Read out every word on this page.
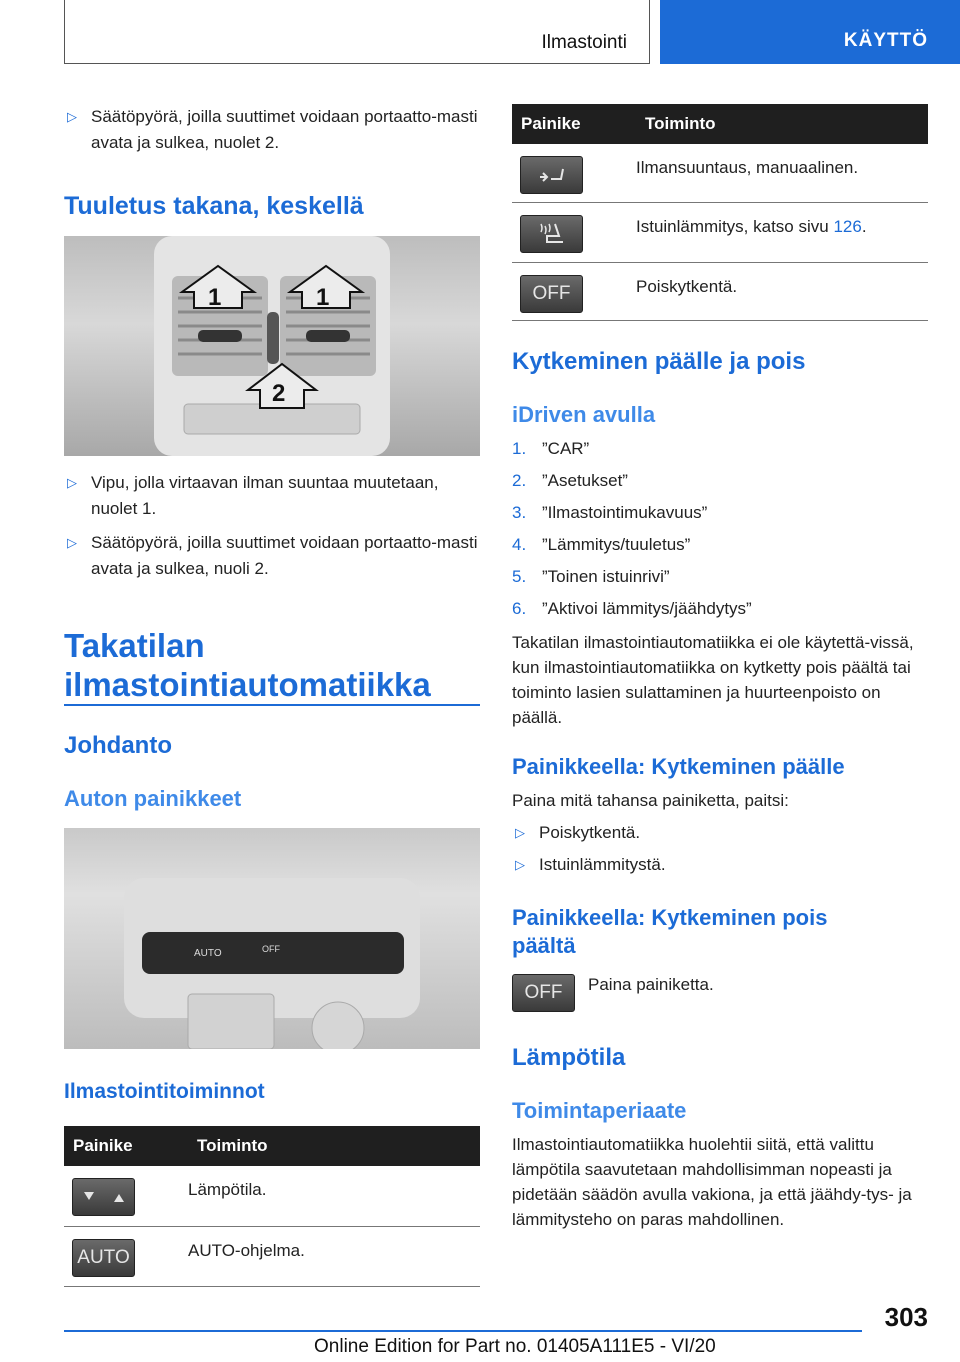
Ilmastointi	KÄYTTÖ
▷ Säätöpyörä, joilla suuttimet voidaan portaatto-masti avata ja sulkea, nuolet 2.
Tuuletus takana, keskellä
1	1
2
▷ Vipu, jolla virtaavan ilman suuntaa muutetaan, nuolet 1.
▷ Säätöpyörä, joilla suuttimet voidaan portaatto-masti avata ja sulkea, nuoli 2.
Takatilan
ilmastointiautomatiikka
Johdanto
Auton painikkeet
AUTO	OFF
Ilmastointitoiminnot
Painike	Toiminto

	Lämpötila.

AUTO	AUTO-ohjelma.
Painike	Toiminto

	Ilmansuuntaus, manuaalinen.

	Istuinlämmitys, katso sivu 126.

OFF	Poiskytkentä.
Kytkeminen päälle ja pois
iDriven avulla
1. ”CAR”
2. ”Asetukset”
3. ”Ilmastointimukavuus”
4. ”Lämmitys/tuuletus”
5. ”Toinen istuinrivi”
6. ”Aktivoi lämmitys/jäähdytys”
Takatilan ilmastointiautomatiikka ei ole käytettä-vissä, kun ilmastointiautomatiikka on kytketty pois päältä tai toiminto lasien sulattaminen ja huurteenpoisto on päällä.
Painikkeella: Kytkeminen päälle
Paina mitä tahansa painiketta, paitsi:
▷ Poiskytkentä.
▷ Istuinlämmitystä.
Painikkeella: Kytkeminen pois
päältä
OFF Paina painiketta.
Lämpötila
Toimintaperiaate
Ilmastointiautomatiikka huolehtii siitä, että valittu lämpötila saavutetaan mahdollisimman nopeasti ja pidetään säädön avulla vakiona, ja että jäähdy-tys- ja lämmitysteho on paras mahdollinen.
303
Online Edition for Part no. 01405A111E5 - VI/20
